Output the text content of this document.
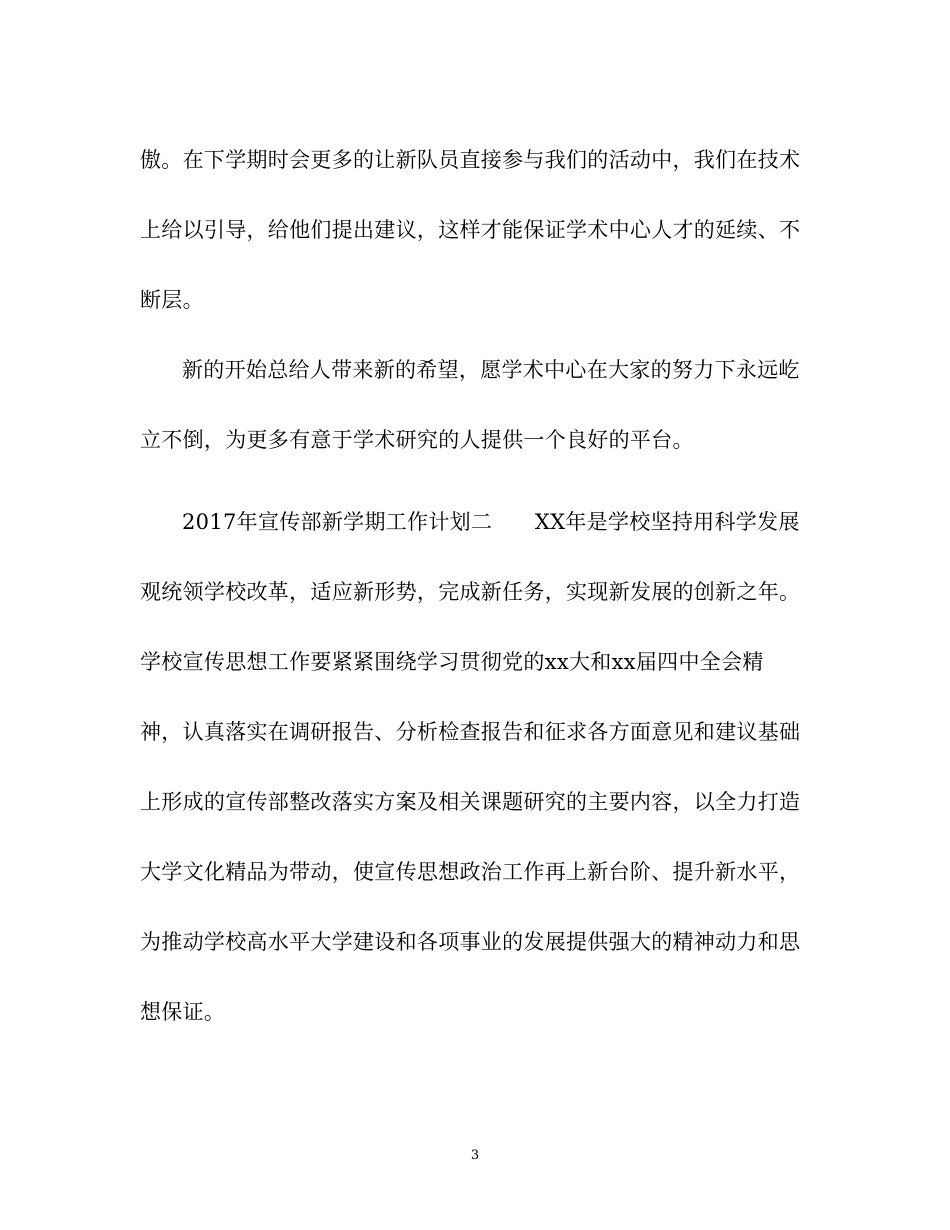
傲。在下学期时会更多的让新队员直接参与我们的活动中，我们在技术
上给以引导，给他们提出建议，这样才能保证学术中心人才的延续、不
断层。
新的开始总给人带来新的希望，愿学术中心在大家的努力下永远屹
立不倒，为更多有意于学术研究的人提供一个良好的平台。
2017年宣传部新学期工作计划二　　XX年是学校坚持用科学发展
观统领学校改革，适应新形势，完成新任务，实现新发展的创新之年。
学校宣传思想工作要紧紧围绕学习贯彻党的xx大和xx届四中全会精
神，认真落实在调研报告、分析检查报告和征求各方面意见和建议基础
上形成的宣传部整改落实方案及相关课题研究的主要内容，以全力打造
大学文化精品为带动，使宣传思想政治工作再上新台阶、提升新水平，
为推动学校高水平大学建设和各项事业的发展提供强大的精神动力和思
想保证。
3
